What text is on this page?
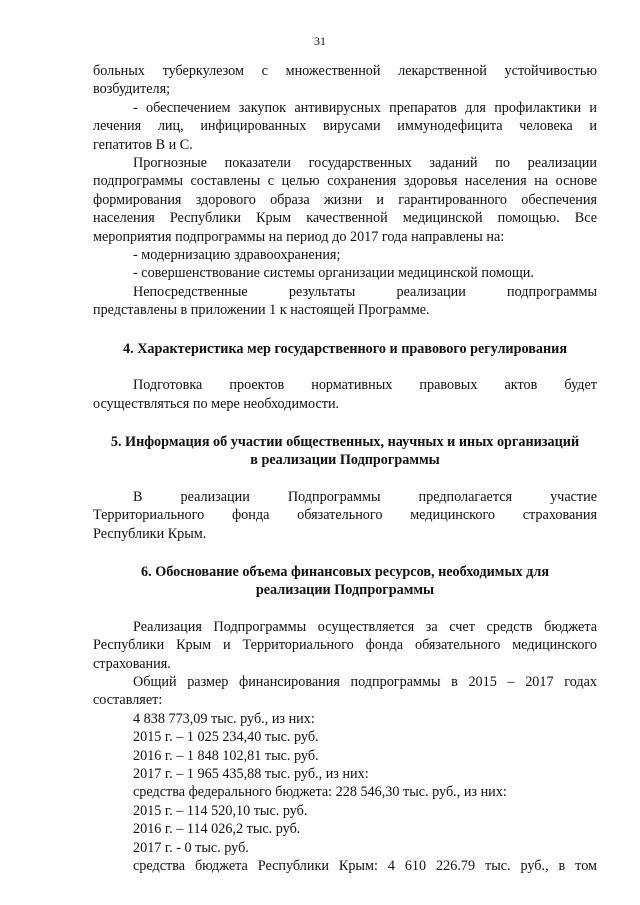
31

больных туберкулезом с множественной лекарственной устойчивостью

возбудителя;

- обеспечением закупок антивирусных препаратов для профилактики и

лечения лиц, инфицированных вирусами иммунодефицита человека и

гепатитов В и С.

Прогнозные показатели государственных заданий по реализации

подпрограммы составлены с целью сохранения здоровья населения на основе

формирования здорового образа жизни и гарантированного обеспечения

населения Республики Крым качественной медицинской помощью. Все

мероприятия подпрограммы на период до 2017 года направлены на:

- модернизацию здравоохранения;

- совершенствование системы организации медицинской помощи.

Непосредственные результаты реализации подпрограммы

представлены в приложении 1 к настоящей Программе.

4. Характеристика мер государственного и правового регулирования

Подготовка проектов нормативных правовых актов будет

осуществляться по мере необходимости.

5. Информация об участии общественных, научных и иных организаций

в реализации Подпрограммы

В реализации Подпрограммы предполагается участие

Территориального фонда обязательного медицинского страхования

Республики Крым.

6. Обоснование объема финансовых ресурсов, необходимых для

реализации Подпрограммы

Реализация Подпрограммы осуществляется за счет средств бюджета

Республики Крым и Территориального фонда обязательного медицинского

страхования.

Общий размер финансирования подпрограммы в 2015 – 2017 годах

составляет:

4 838 773,09 тыс. руб., из них:

2015 г. – 1 025 234,40 тыс. руб.

2016 г. – 1 848 102,81 тыс. руб.

2017 г. – 1 965 435,88 тыс. руб., из них:

средства федерального бюджета: 228 546,30 тыс. руб., из них:

2015 г. – 114 520,10 тыс. руб.

2016 г. – 114 026,2 тыс. руб.

2017 г. - 0 тыс. руб.

средства бюджета Республики Крым: 4 610 226.79 тыс. руб., в том
